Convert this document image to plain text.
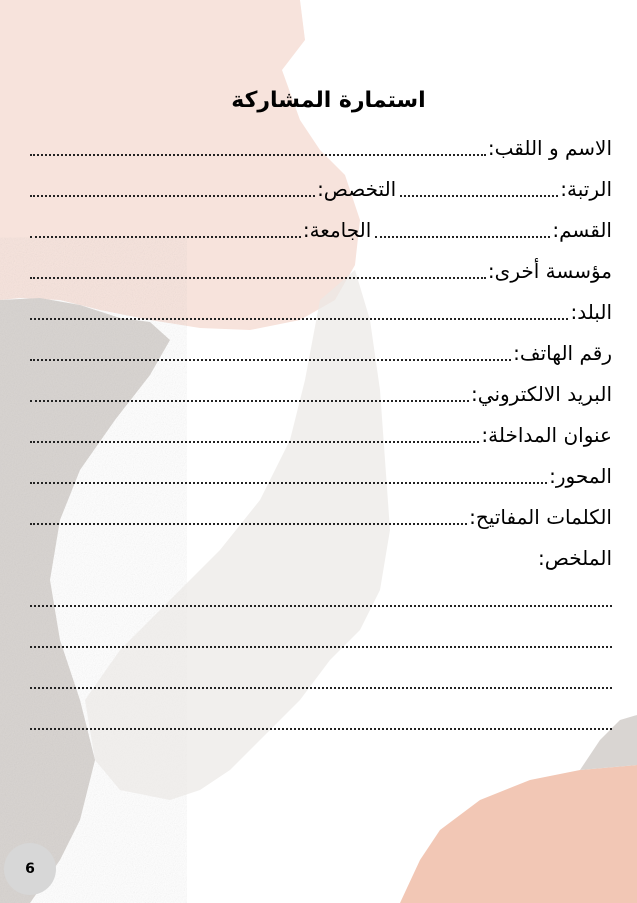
استمارة المشاركة
الاسم و اللقب:
الرتبة:
التخصص:
القسم:
الجامعة:
مؤسسة أخرى:
البلد:
رقم الهاتف:
البريد الالكتروني:
عنوان المداخلة:
المحور:
الكلمات المفاتيح:
الملخص:
6
